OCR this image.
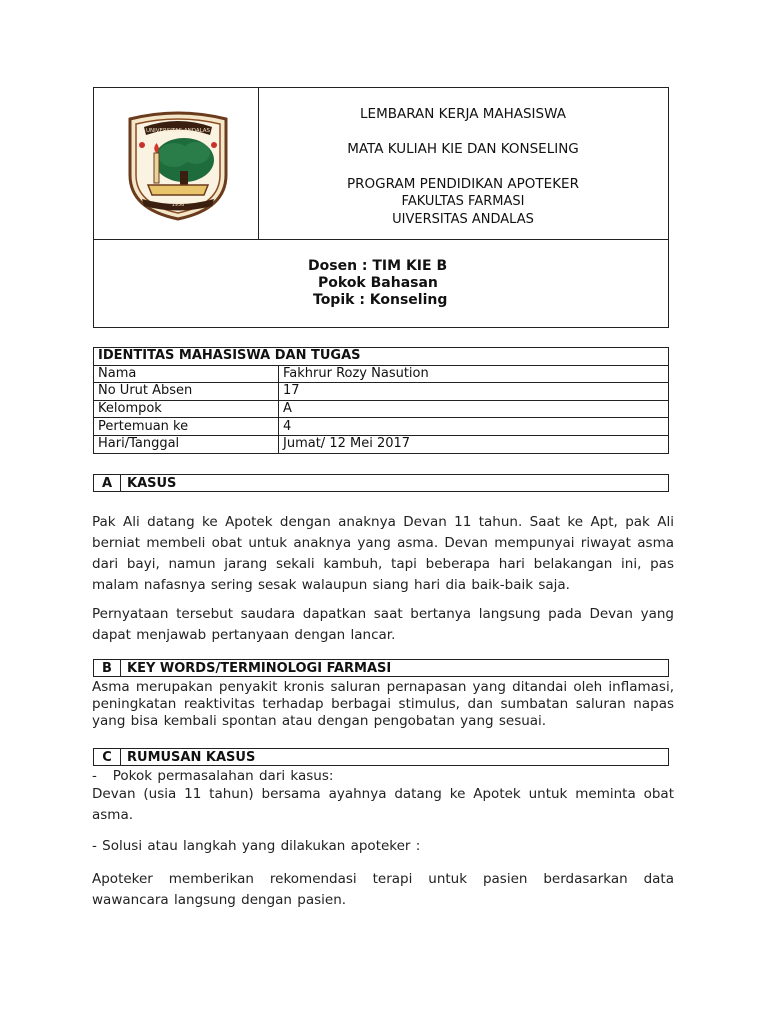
UNIVERSITAS ANDALAS
1956
LEMBARAN KERJA MAHASISWA
MATA KULIAH KIE DAN KONSELING
PROGRAM PENDIDIKAN APOTEKER
FAKULTAS FARMASI
UIVERSITAS ANDALAS
Dosen : TIM KIE B
Pokok Bahasan
Topik : Konseling
IDENTITAS MAHASISWA DAN TUGAS	
Nama	Fakhrur Rozy Nasution
No Urut Absen	17
Kelompok	A
Pertemuan ke	4
Hari/Tanggal	Jumat/ 12 Mei 2017
A	KASUS
Pak Ali datang ke Apotek dengan anaknya Devan 11 tahun. Saat ke Apt, pak Ali berniat membeli obat untuk anaknya yang asma. Devan mempunyai riwayat asma dari bayi, namun jarang sekali kambuh, tapi beberapa hari belakangan ini, pas malam nafasnya sering sesak walaupun siang hari dia baik-baik saja.
Pernyataan tersebut saudara dapatkan saat bertanya langsung pada Devan yang dapat menjawab pertanyaan dengan lancar.
B	KEY WORDS/TERMINOLOGI FARMASI
Asma merupakan penyakit kronis saluran pernapasan yang ditandai oleh inflamasi, peningkatan reaktivitas terhadap berbagai stimulus, dan sumbatan saluran napas yang bisa kembali spontan atau dengan pengobatan yang sesuai.
C	RUMUSAN KASUS
-   Pokok permasalahan dari kasus:
Devan (usia 11 tahun) bersama ayahnya datang ke Apotek untuk meminta obat asma.
- Solusi atau langkah yang dilakukan apoteker :
Apoteker memberikan rekomendasi terapi untuk pasien berdasarkan data wawancara langsung dengan pasien.
